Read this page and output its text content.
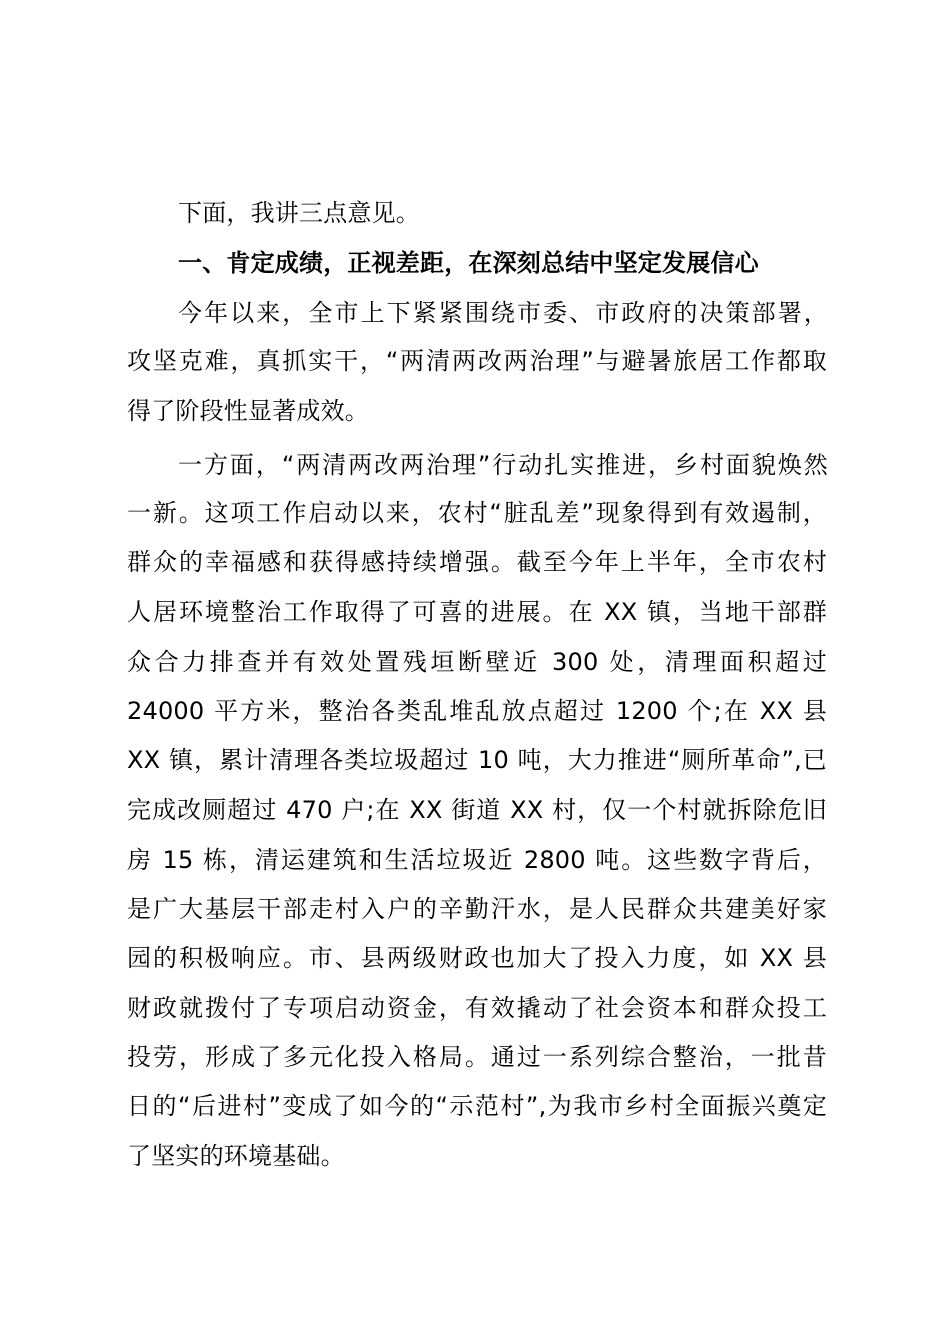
下面，我讲三点意见。
一、肯定成绩，正视差距，在深刻总结中坚定发展信心
今年以来，全市上下紧紧围绕市委、市政府的决策部署，
攻坚克难，真抓实干，“两清两改两治理”与避暑旅居工作都取
得了阶段性显著成效。
一方面，“两清两改两治理”行动扎实推进，乡村面貌焕然
一新。这项工作启动以来，农村“脏乱差”现象得到有效遏制，
群众的幸福感和获得感持续增强。截至今年上半年，全市农村
人居环境整治工作取得了可喜的进展。在 XX 镇，当地干部群
众合力排查并有效处置残垣断壁近 300 处，清理面积超过
24000 平方米，整治各类乱堆乱放点超过 1200 个;在 XX 县
XX 镇，累计清理各类垃圾超过 10 吨，大力推进“厕所革命”,已
完成改厕超过 470 户;在 XX 街道 XX 村，仅一个村就拆除危旧
房 15 栋，清运建筑和生活垃圾近 2800 吨。这些数字背后，
是广大基层干部走村入户的辛勤汗水，是人民群众共建美好家
园的积极响应。市、县两级财政也加大了投入力度，如 XX 县
财政就拨付了专项启动资金，有效撬动了社会资本和群众投工
投劳，形成了多元化投入格局。通过一系列综合整治，一批昔
日的“后进村”变成了如今的“示范村”,为我市乡村全面振兴奠定
了坚实的环境基础。
